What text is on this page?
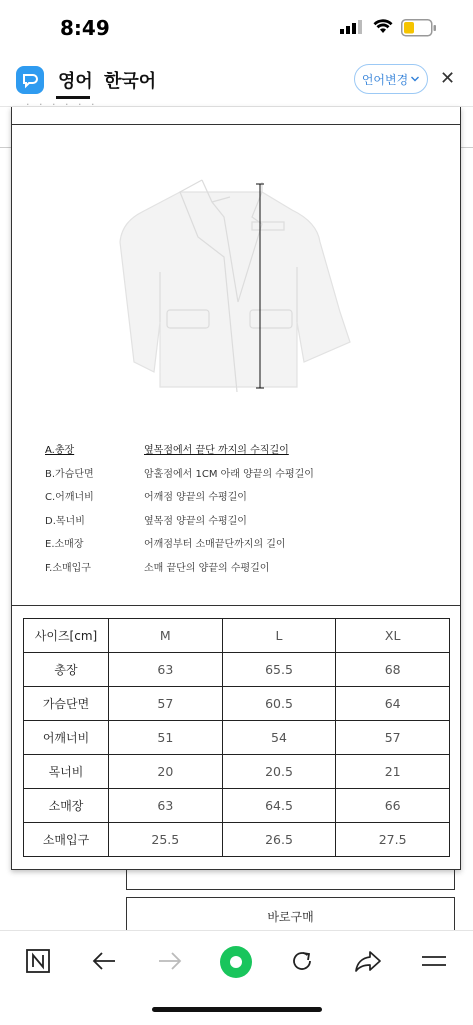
8:49
영어 한국어	언어변경 ✕
· · · · · ·
A.총장	옆목점에서 끝단 까지의 수직길이
B.가슴단면	암홀점에서 1CM 아래 양끝의 수평길이
C.어깨너비	어깨점 양끝의 수평길이
D.목너비	옆목점 양끝의 수평길이
E.소매장	어깨점부터 소매끝단까지의 길이
F.소매입구	소매 끝단의 양끝의 수평길이
사이즈[cm]	M	L	XL
총장	63	65.5	68
가슴단면	57	60.5	64
어깨너비	51	54	57
목너비	20	20.5	21
소매장	63	64.5	66
소매입구	25.5	26.5	27.5
바로구매
